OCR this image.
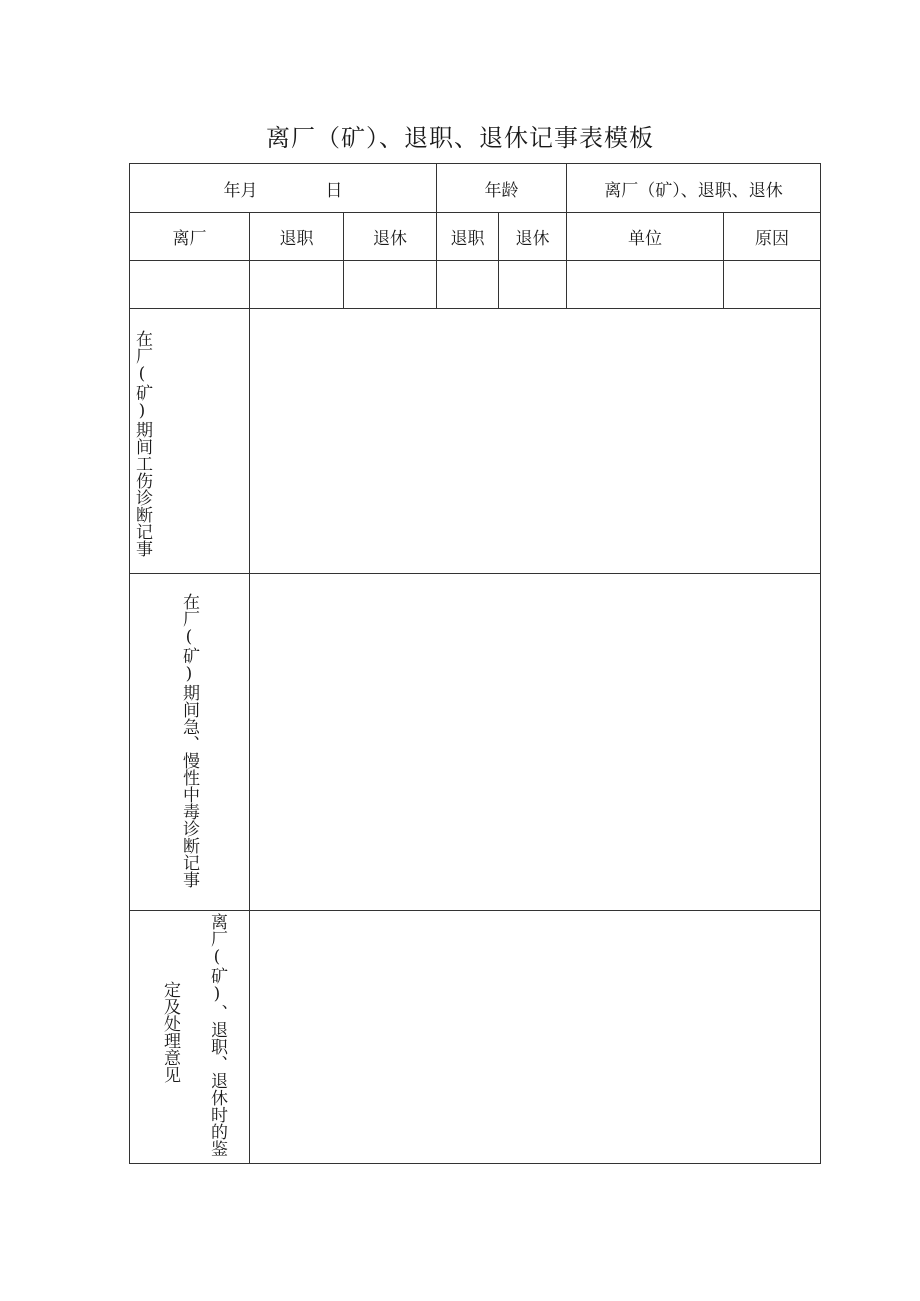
离厂（矿）、退职、退休记事表模板
年月	日	年龄	离厂（矿）、退职、退休
离厂	退职	退休	退职	退休	单位	原因
在厂(矿)期间工伤诊断记事
在厂(矿)期间急、慢性中毒诊断记事
离厂(矿)、退职、退休时的鉴
定及处理意见
